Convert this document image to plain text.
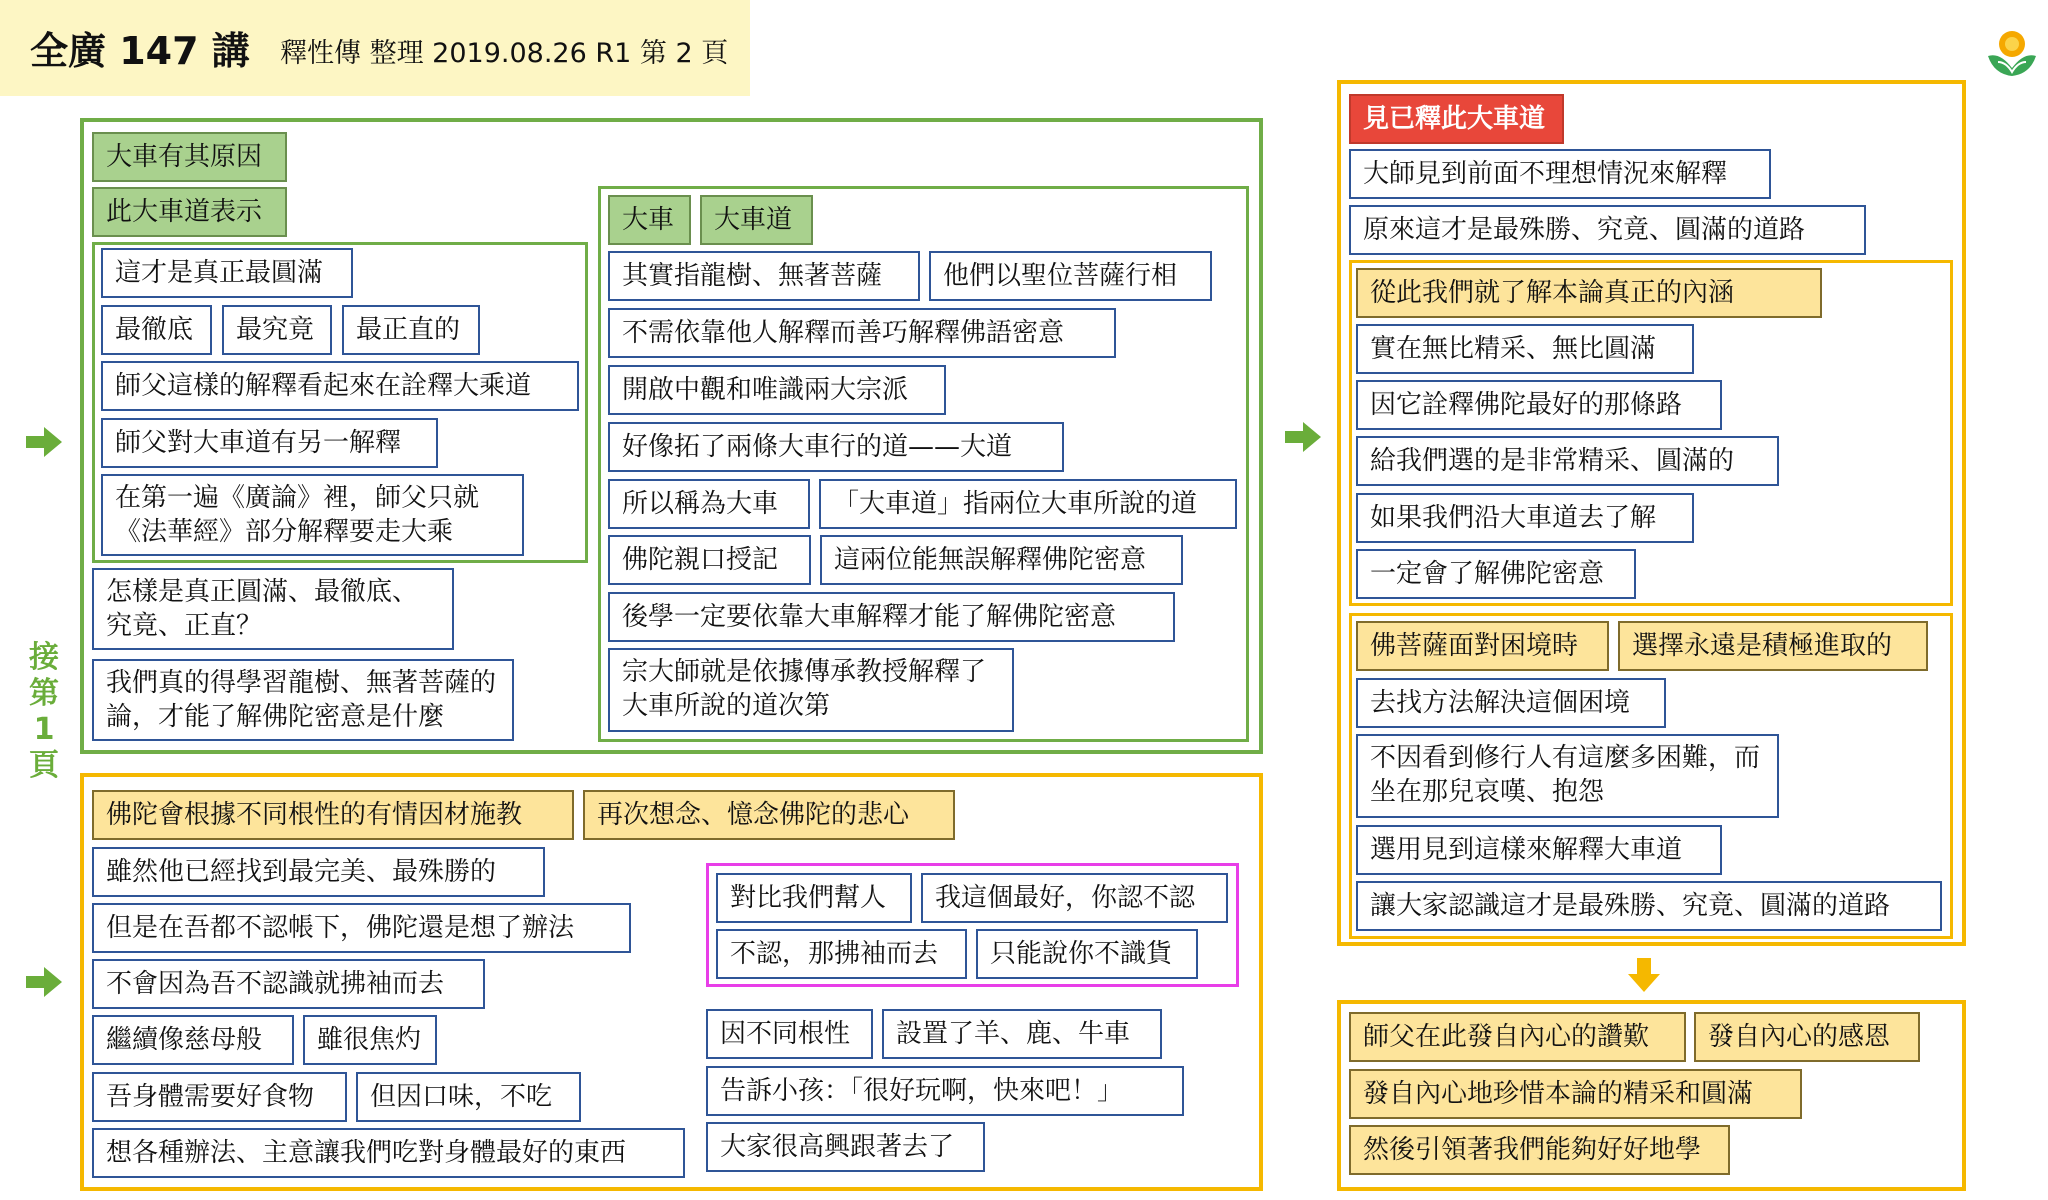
全廣 147 講 釋性傳 整理 2019.08.26 R1 第 2 頁
接
第
1
頁
大車有其原因
此大車道表示
這才是真正最圓滿
最徹底	最究竟	最正直的
師父這樣的解釋看起來在詮釋大乘道
師父對大車道有另一解釋
在第一遍《廣論》裡，師父只就《法華經》部分解釋要走大乘
怎樣是真正圓滿、最徹底、究竟、正直？
我們真的得學習龍樹、無著菩薩的論，才能了解佛陀密意是什麼
大車	大車道
其實指龍樹、無著菩薩	他們以聖位菩薩行相
不需依靠他人解釋而善巧解釋佛語密意
開啟中觀和唯識兩大宗派
好像拓了兩條大車行的道——大道
所以稱為大車	「大車道」指兩位大車所說的道
佛陀親口授記	這兩位能無誤解釋佛陀密意
後學一定要依靠大車解釋才能了解佛陀密意
宗大師就是依據傳承教授解釋了大車所說的道次第
佛陀會根據不同根性的有情因材施教	再次想念、憶念佛陀的悲心
雖然他已經找到最完美、最殊勝的
但是在吾都不認帳下，佛陀還是想了辦法
不會因為吾不認識就拂袖而去
繼續像慈母般	雖很焦灼
吾身體需要好食物	但因口味，不吃
想各種辦法、主意讓我們吃對身體最好的東西
對比我們幫人	我這個最好，你認不認
不認，那拂袖而去	只能說你不識貨
因不同根性	設置了羊、鹿、牛車
告訴小孩：「很好玩啊，快來吧！」
大家很高興跟著去了
見已釋此大車道
大師見到前面不理想情況來解釋
原來這才是最殊勝、究竟、圓滿的道路
從此我們就了解本論真正的內涵
實在無比精采、無比圓滿
因它詮釋佛陀最好的那條路
給我們選的是非常精采、圓滿的
如果我們沿大車道去了解
一定會了解佛陀密意
佛菩薩面對困境時	選擇永遠是積極進取的
去找方法解決這個困境
不因看到修行人有這麼多困難，而坐在那兒哀嘆、抱怨
選用見到這樣來解釋大車道
讓大家認識這才是最殊勝、究竟、圓滿的道路
師父在此發自內心的讚歎	發自內心的感恩
發自內心地珍惜本論的精采和圓滿
然後引領著我們能夠好好地學
